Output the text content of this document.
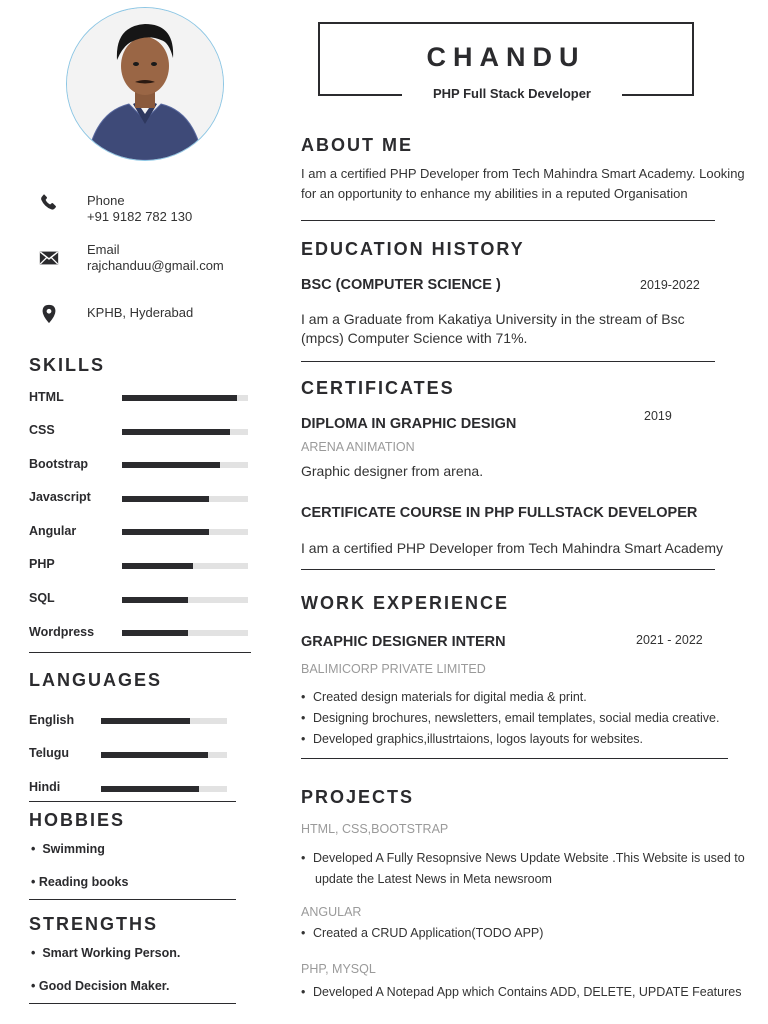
Phone
+91 9182 782 130
Email
rajchanduu@gmail.com
KPHB, Hyderabad
SKILLS
HTML
CSS
Bootstrap
Javascript
Angular
PHP
SQL
Wordpress
LANGUAGES
English
Telugu
Hindi
HOBBIES
•  Swimming
• Reading books
STRENGTHS
•  Smart Working Person.
• Good Decision Maker.
CHANDU
PHP Full Stack Developer
ABOUT ME
I am a certified PHP Developer from Tech Mahindra Smart Academy. Looking
for an opportunity to enhance my abilities in a reputed Organisation
EDUCATION HISTORY
BSC (COMPUTER SCIENCE )	2019-2022
I am a Graduate from Kakatiya University in the stream of Bsc
(mpcs) Computer Science with 71%.
CERTIFICATES
DIPLOMA IN GRAPHIC DESIGN	2019
ARENA ANIMATION
Graphic designer from arena.
CERTIFICATE COURSE IN PHP FULLSTACK DEVELOPER
I am a certified PHP Developer from Tech Mahindra Smart Academy
WORK EXPERIENCE
GRAPHIC DESIGNER INTERN	2021 - 2022
BALIMICORP PRIVATE LIMITED
• Created design materials for digital media & print.
• Designing brochures, newsletters, email templates, social media creative.
• Developed graphics,illustrtaions, logos layouts for websites.
PROJECTS
HTML, CSS,BOOTSTRAP
• Developed A Fully Resopnsive News Update Website .This Website is used to
update the Latest News in Meta newsroom
ANGULAR
• Created a CRUD Application(TODO APP)
PHP, MYSQL
• Developed A Notepad App which Contains ADD, DELETE, UPDATE Features
